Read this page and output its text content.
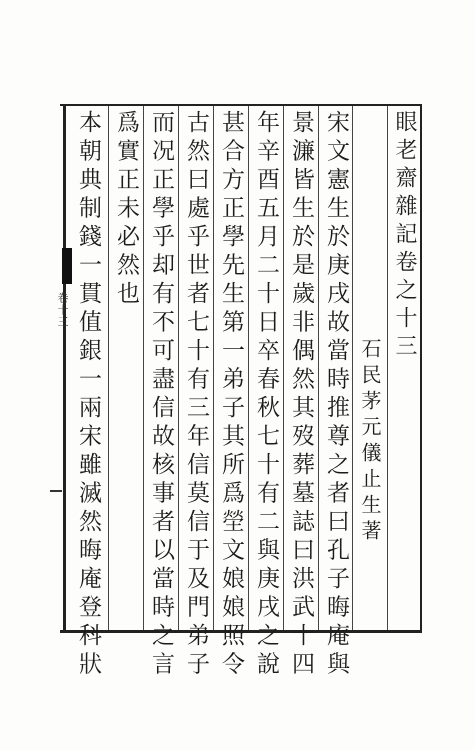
眼老齋雜記卷之十三
石民茅元儀止生著
宋文憲生於庚戌故當時推尊之者曰孔子晦庵與
景濂皆生於是歲非偶然其歿葬墓誌曰洪武十四
年辛酉五月二十日卒春秋七十有二與庚戌之說
甚合方正學先生第一弟子其所爲塋文娘娘照令
古然曰處乎世者七十有三年信莫信于及門弟子
而况正學乎却有不可盡信故核事者以當時之言
爲實正未必然也
本朝典制錢一貫值銀一兩宋雖滅然晦庵登科狀
卷十三
